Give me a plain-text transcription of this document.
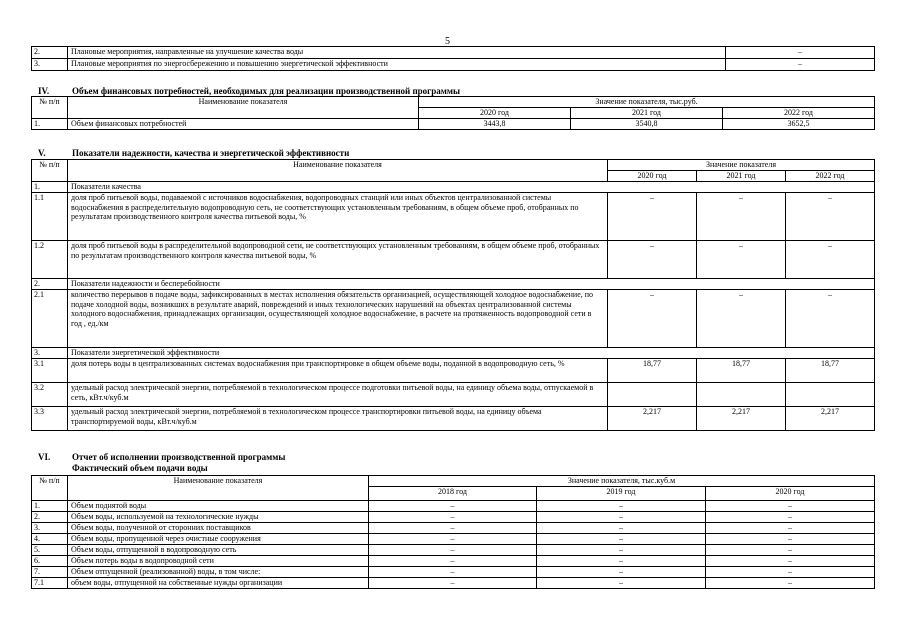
5
2.	Плановые мероприятия, направленные на улучшение качества воды	–
3.	Плановые мероприятия по энергосбережению и повышению энергетической эффективности	–
IV.	Объем финансовых потребностей, необходимых для реализации производственной программы
№ п/п	Наименование показателя	Значение показателя, тыс.руб.		
		2020 год	2021 год	2022 год
1.	Объем финансовых потребностей	3443,8	3540,8	3652,5
V.	Показатели надежности, качества и энергетической эффективности
№ п/п	Наименование показателя	Значение показателя		
		2020 год	2021 год	2022 год
1.	Показатели качества			
1.1	доля проб питьевой воды, подаваемой с источников водоснабжения, водопроводных станций или иных объектов централизованной системы водоснабжения в распределительную водопроводную сеть, не соответствующих установленным требованиям, в общем объеме проб, отобранных по результатам производственного контроля качества питьевой воды, %	–	–	–
1.2	доля проб питьевой воды в распределительной водопроводной сети, не соответствующих установленным требованиям, в общем объеме проб, отобранных по результатам производственного контроля качества питьевой воды, %	–	–	–
2.	Показатели надежности и бесперебойности			
2.1	количество перерывов в подаче воды, зафиксированных в местах исполнения обязательств организацией, осуществляющей холодное водоснабжение, по подаче холодной воды, возникших в результате аварий, повреждений и иных технологических нарушений на объектах централизованной системы холодного водоснабжения, принадлежащих организации, осуществляющей холодное водоснабжение, в расчете на протяженность водопроводной сети в год , ед./км	–	–	–
3.	Показатели энергетической эффективности			
3.1	доля потерь воды в централизованных системах водоснабжения при транспортировке в общем объеме воды, поданной в водопроводную сеть, %	18,77	18,77	18,77
3.2	удельный расход электрической энергии, потребляемой в технологическом процессе подготовки питьевой воды, на единицу объема воды, отпускаемой в сеть, кВт.ч/куб.м			
3.3	удельный расход электрической энергии, потребляемой в технологическом процессе транспортировки питьевой воды, на единицу объема транспортируемой воды, кВт.ч/куб.м	2,217	2,217	2,217
VI. Отчет об исполнении производственной программы
Фактический объем подачи воды
№ п/п	Наименование показателя	Значение показателя, тыс.куб.м		
		2018 год	2019 год	2020 год
1.	Объем поднятой воды	–	–	–
2.	Объем воды, используемой на технологические нужды	–	–	–
3.	Объем воды, полученной от сторонних поставщиков	–	–	–
4.	Объем воды, пропущенной через очистные сооружения	–	–	–
5.	Объем воды, отпущенной в водопроводную сеть	–	–	–
6.	Объем потерь воды в водопроводной сети	–	–	–
7.	Объем отпущенной (реализованной) воды, в том числе:	–	–	–
7.1	объем воды, отпущенной на собственные нужды организации	–	–	–
